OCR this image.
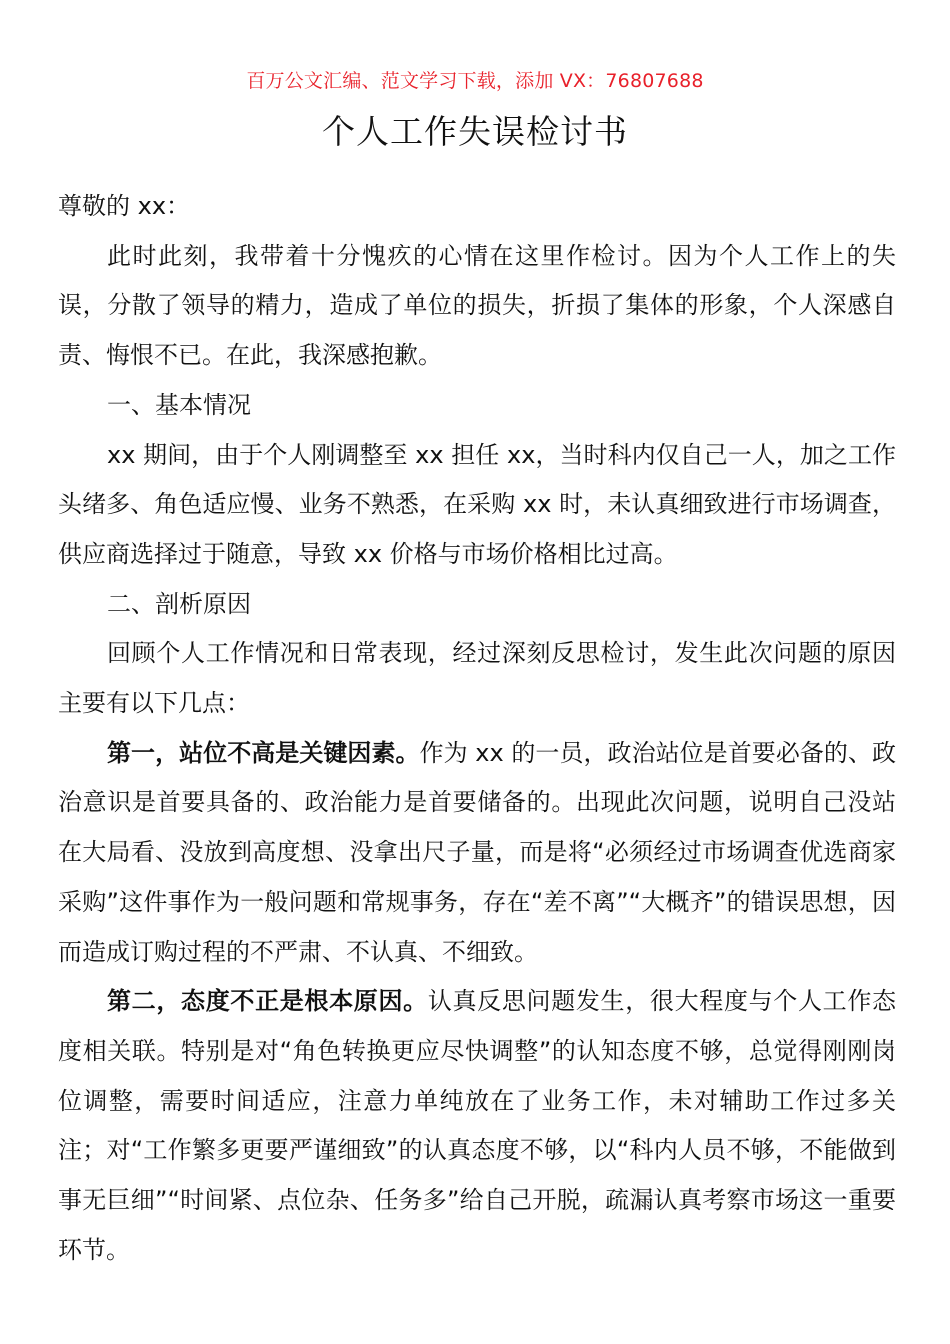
百万公文汇编、范文学习下载，添加 VX：76807688
个人工作失误检讨书

尊敬的 xx：

此时此刻，我带着十分愧疚的心情在这里作检讨。因为个人工作上的失误，分散了领导的精力，造成了单位的损失，折损了集体的形象，个人深感自责、悔恨不已。在此，我深感抱歉。

一、基本情况

xx 期间，由于个人刚调整至 xx 担任 xx，当时科内仅自己一人，加之工作头绪多、角色适应慢、业务不熟悉，在采购 xx 时，未认真细致进行市场调查，供应商选择过于随意，导致 xx 价格与市场价格相比过高。

二、剖析原因

回顾个人工作情况和日常表现，经过深刻反思检讨，发生此次问题的原因主要有以下几点：

第一，站位不高是关键因素。作为 xx 的一员，政治站位是首要必备的、政治意识是首要具备的、政治能力是首要储备的。出现此次问题，说明自己没站在大局看、没放到高度想、没拿出尺子量，而是将“必须经过市场调查优选商家采购”这件事作为一般问题和常规事务，存在“差不离”“大概齐”的错误思想，因而造成订购过程的不严肃、不认真、不细致。

第二，态度不正是根本原因。认真反思问题发生，很大程度与个人工作态度相关联。特别是对“角色转换更应尽快调整”的认知态度不够，总觉得刚刚岗位调整，需要时间适应，注意力单纯放在了业务工作，未对辅助工作过多关注；对“工作繁多更要严谨细致”的认真态度不够，以“科内人员不够，不能做到事无巨细”“时间紧、点位杂、任务多”给自己开脱，疏漏认真考察市场这一重要环节。
